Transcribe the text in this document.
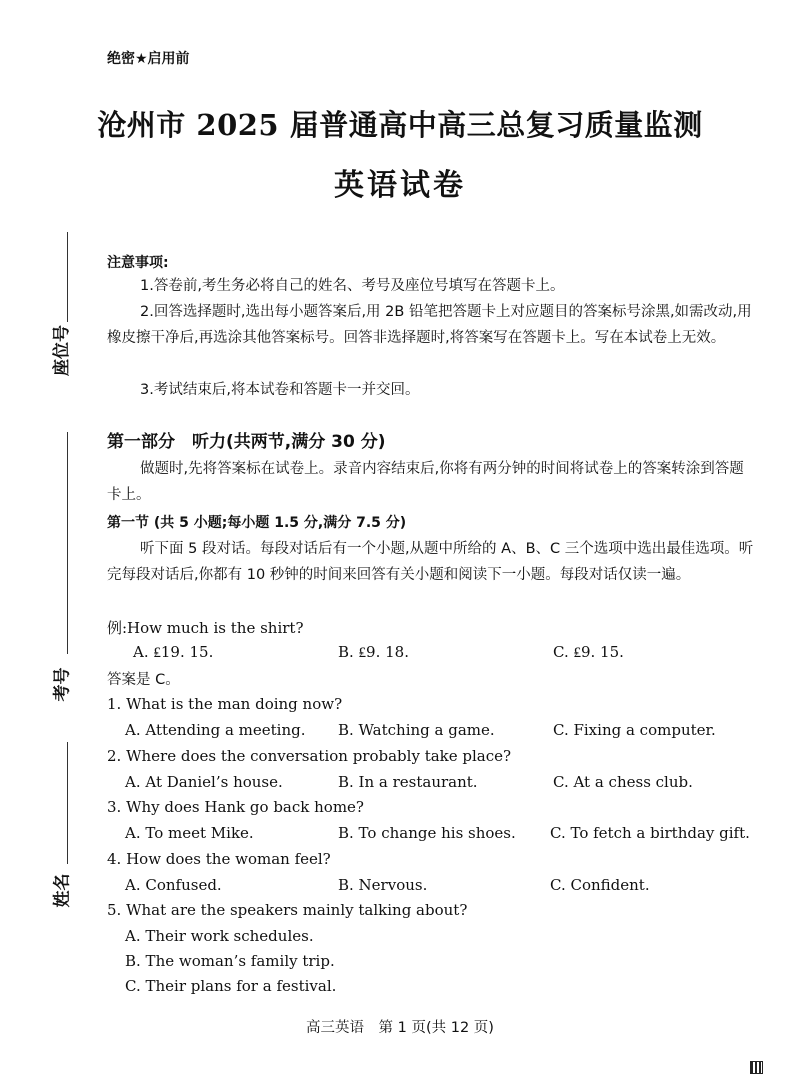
绝密★启用前
沧州市 2025 届普通高中高三总复习质量监测
英语试卷
座位号
考号
姓名
注意事项:
1.答卷前,考生务必将自己的姓名、考号及座位号填写在答题卡上。
2.回答选择题时,选出每小题答案后,用 2B 铅笔把答题卡上对应题目的答案标号涂黑,如需改动,用橡皮擦干净后,再选涂其他答案标号。回答非选择题时,将答案写在答题卡上。写在本试卷上无效。
3.考试结束后,将本试卷和答题卡一并交回。
第一部分　听力(共两节,满分 30 分)
做题时,先将答案标在试卷上。录音内容结束后,你将有两分钟的时间将试卷上的答案转涂到答题卡上。
第一节 (共 5 小题;每小题 1.5 分,满分 7.5 分)
听下面 5 段对话。每段对话后有一个小题,从题中所给的 A、B、C 三个选项中选出最佳选项。听完每段对话后,你都有 10 秒钟的时间来回答有关小题和阅读下一小题。每段对话仅读一遍。
例:How much is the shirt?
A. ₤19. 15.	B. ₤9. 18.	C. ₤9. 15.
答案是 C。
1. What is the man doing now?
A. Attending a meeting. B. Watching a game.	C. Fixing a computer.
2. Where does the conversation probably take place?
A. At Daniel’s house.	B. In a restaurant.	C. At a chess club.
3. Why does Hank go back home?
A. To meet Mike.	B. To change his shoes. C. To fetch a birthday gift.
4. How does the woman feel?
A. Confused.	B. Nervous.	C. Confident.
5. What are the speakers mainly talking about?
A. Their work schedules.
B. The woman’s family trip.
C. Their plans for a festival.
高三英语　第 1 页(共 12 页)
